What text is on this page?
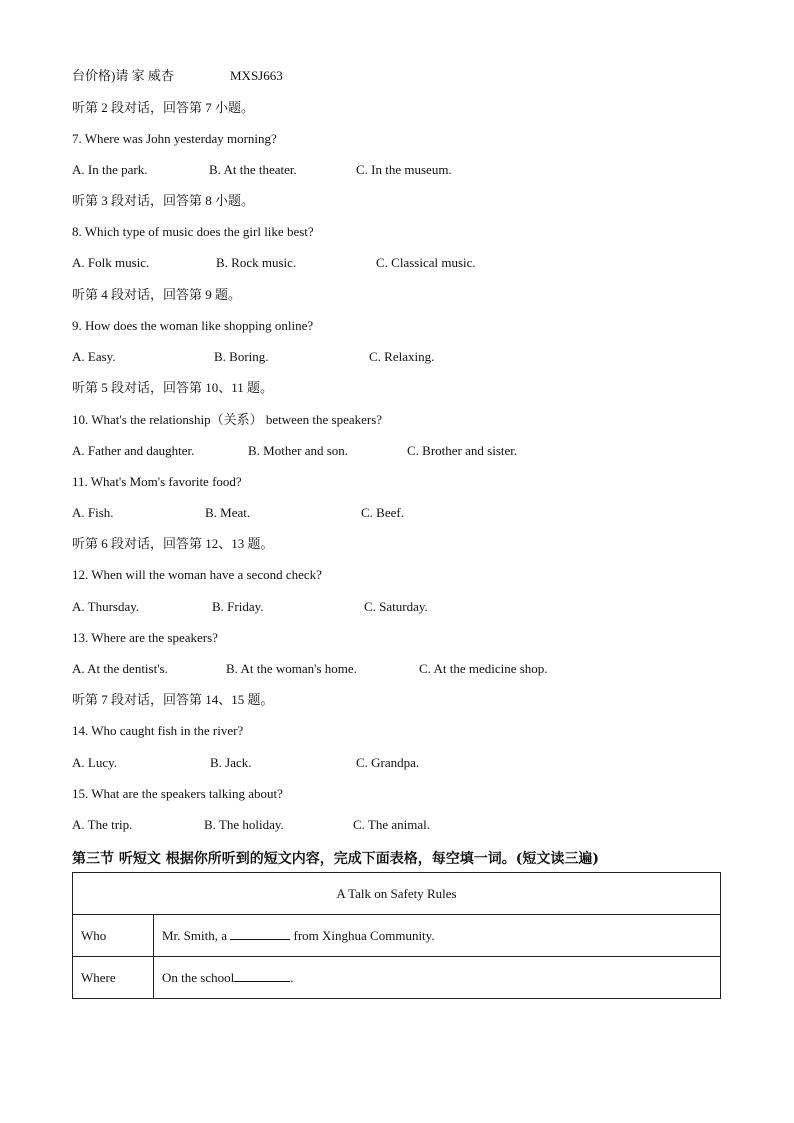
台价格)请 家 威杏	MXSJ663
听第 2 段对话，回答第 7 小题。
7. Where was John yesterday morning?
A. In the park.	B. At the theater.	C. In the museum.
听第 3 段对话，回答第 8 小题。
8. Which type of music does the girl like best?
A. Folk music.	B. Rock music.	C. Classical music.
听第 4 段对话，回答第 9 题。
9. How does the woman like shopping online?
A. Easy.	B. Boring.	C. Relaxing.
听第 5 段对话，回答第 10、11 题。
10. What's the relationship（关系） between the speakers?
A. Father and daughter.	B. Mother and son.	C. Brother and sister.
11. What's Mom's favorite food?
A. Fish.	B. Meat.	C. Beef.
听第 6 段对话，回答第 12、13 题。
12. When will the woman have a second check?
A. Thursday.	B. Friday.	C. Saturday.
13. Where are the speakers?
A. At the dentist's.	B. At the woman's home.	C. At the medicine shop.
听第 7 段对话，回答第 14、15 题。
14. Who caught fish in the river?
A. Lucy.	B. Jack.	C. Grandpa.
15. What are the speakers talking about?
A. The trip.	B. The holiday.	C. The animal.
第三节 听短文 根据你所听到的短文内容，完成下面表格，每空填一词。(短文读三遍)
A Talk on Safety Rules	
Who	Mr. Smith, a from Xinghua Community.
Where	On the school .
